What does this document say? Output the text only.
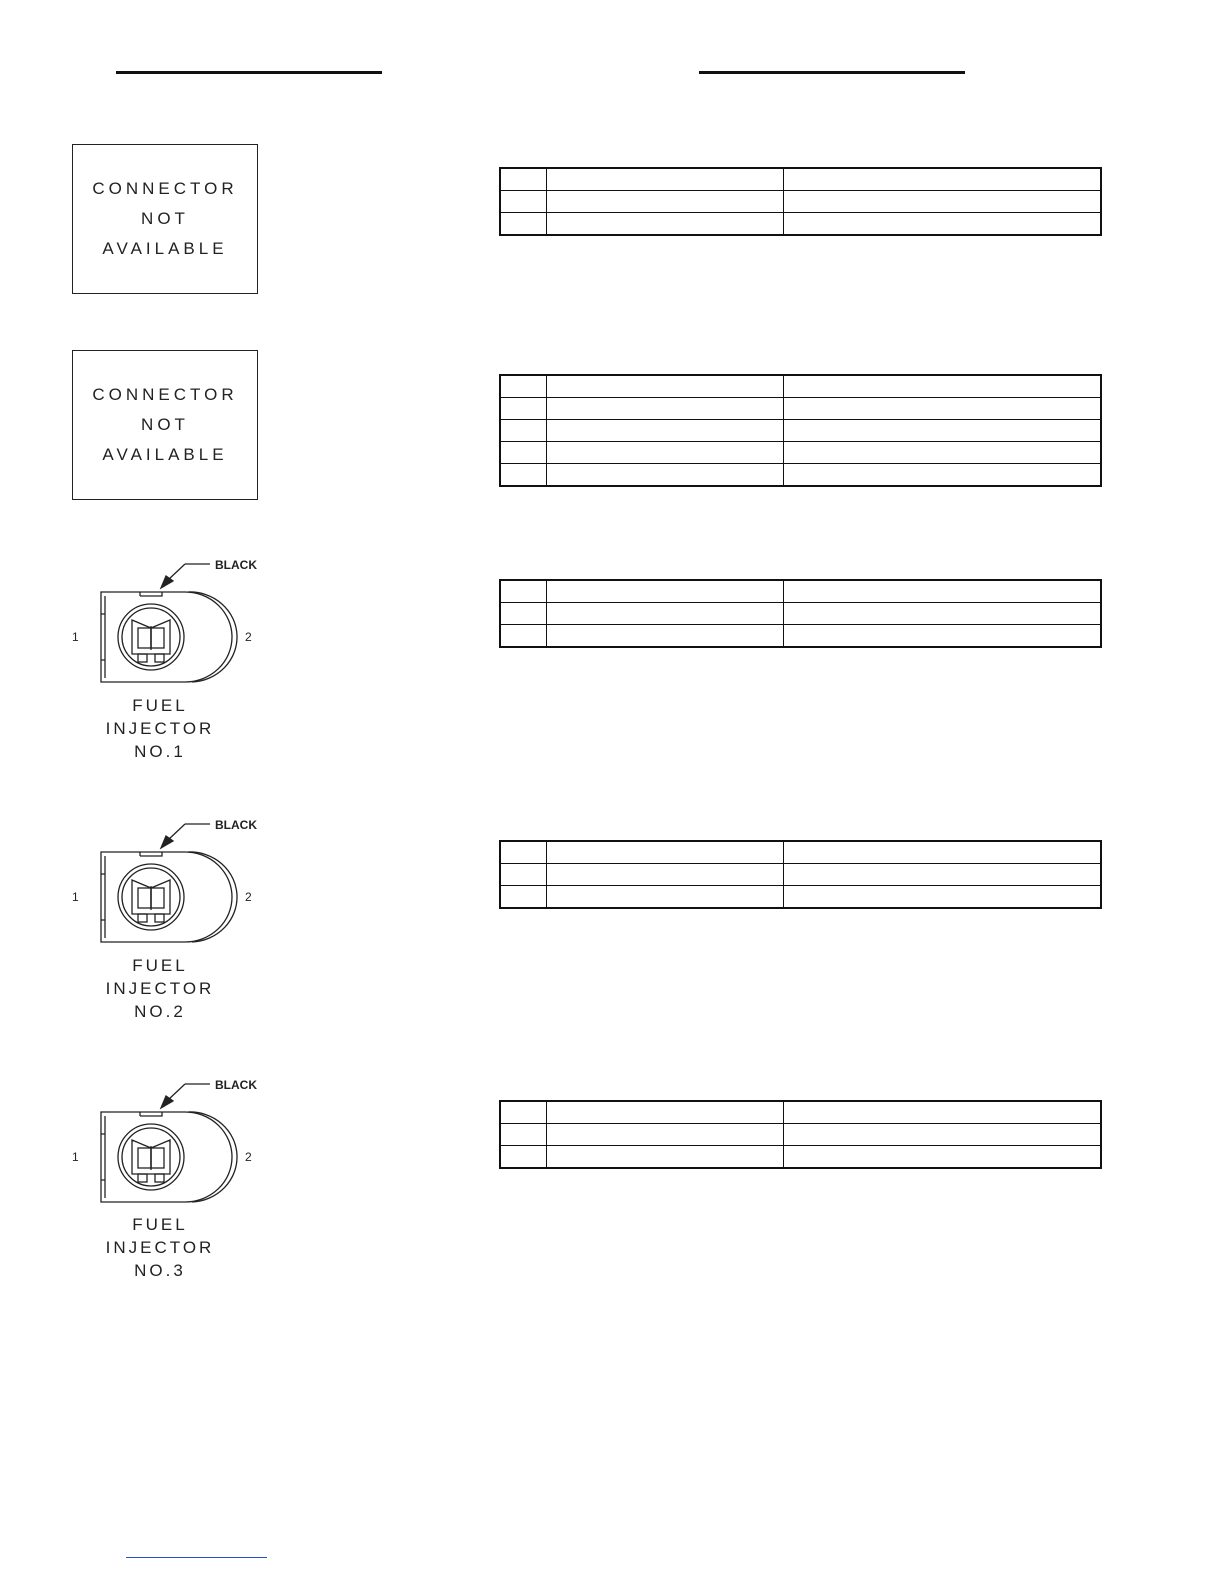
CONNECTOR
NOT
AVAILABLE

CONNECTOR
NOT
AVAILABLE

1	2
BLACK
FUEL
INJECTOR
NO.1

1	2
BLACK
FUEL
INJECTOR
NO.2

1	2
BLACK
FUEL
INJECTOR
NO.3
